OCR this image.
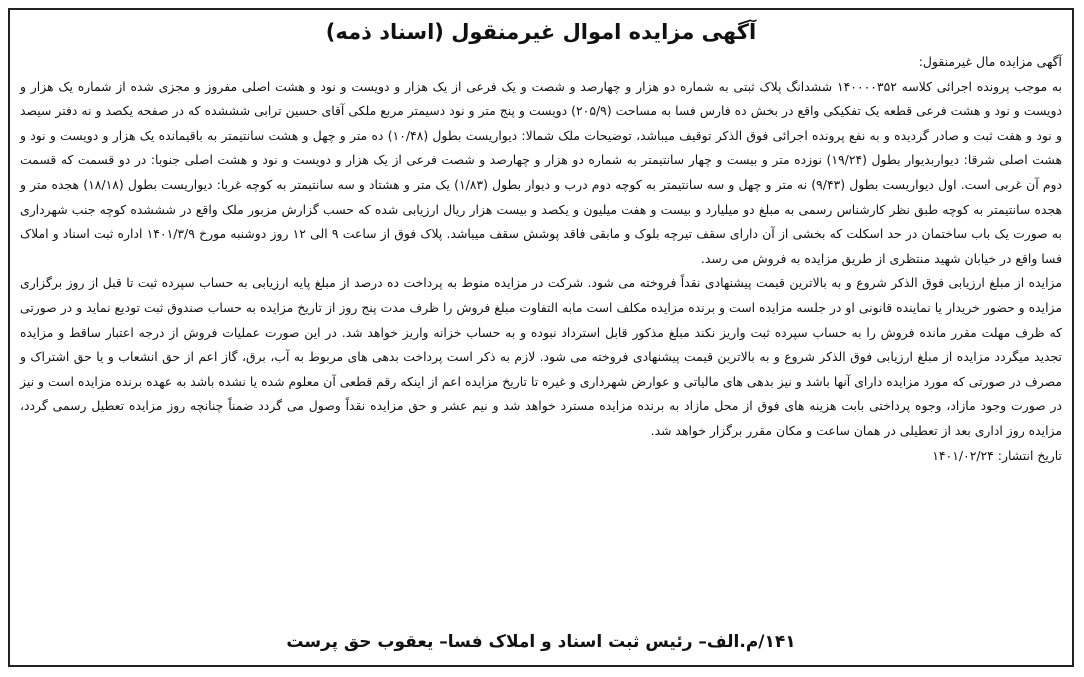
آگهی مزایده اموال غیرمنقول (اسناد ذمه)

آگهی مزایده مال غیرمنقول:

به موجب پرونده اجرائی کلاسه ۱۴۰۰۰۰۳۵۲ ششدانگ پلاک ثبتی به شماره دو هزار و چهارصد و شصت و یک فرعی از یک هزار و دویست و نود و هشت اصلی مفروز و مجزی شده از شماره یک هزار و دویست و نود و هشت فرعی قطعه یک تفکیکی واقع در بخش ده فارس فسا به مساحت (۲۰۵/۹) دویست و پنج متر و نود دسیمتر مربع ملکی آقای حسین ترابی شششده که در صفحه یکصد و نه دفتر سیصد و نود و هفت ثبت و صادر گردیده و به نفع پرونده اجرائی فوق الذکر توقیف میباشد، توضیحات ملک شمالا: دیواریست بطول (۱۰/۴۸) ده متر و چهل و هشت سانتیمتر به باقیمانده یک هزار و دویست و نود و هشت اصلی شرقا: دیواربدیوار بطول (۱۹/۲۴) نوزده متر و بیست و چهار سانتیمتر به شماره دو هزار و چهارصد و شصت فرعی از یک هزار و دویست و نود و هشت اصلی جنوبا: در دو قسمت که قسمت دوم آن غربی است. اول دیواریست بطول (۹/۴۳) نه متر و چهل و سه سانتیمتر به کوچه دوم درب و دیوار بطول (۱/۸۳) یک متر و هشتاد و سه سانتیمتر به کوچه غربا: دیواریست بطول (۱۸/۱۸) هجده متر و هجده سانتیمتر به کوچه طبق نظر کارشناس رسمی به مبلغ دو میلیارد و بیست و هفت میلیون و یکصد و بیست هزار ریال ارزیابی شده که حسب گزارش مزبور ملک واقع در شششده کوچه جنب شهرداری به صورت یک باب ساختمان در حد اسکلت که بخشی از آن دارای سقف تیرچه بلوک و مابقی فاقد پوشش سقف میباشد. پلاک فوق از ساعت ۹ الی ۱۲ روز دوشنبه مورخ ۱۴۰۱/۳/۹ اداره ثبت اسناد و املاک فسا واقع در خیابان شهید منتظری از طریق مزایده به فروش می رسد.

مزایده از مبلغ ارزیابی فوق الذکر شروع و به بالاترین قیمت پیشنهادی نقداً فروخته می شود. شرکت در مزایده منوط به پرداخت ده درصد از مبلغ پایه ارزیابی به حساب سپرده ثبت تا قبل از روز برگزاری مزایده و حضور خریدار یا نماینده قانونی او در جلسه مزایده است و برنده مزایده مکلف است مابه التفاوت مبلغ فروش را ظرف مدت پنج روز از تاریخ مزایده به حساب صندوق ثبت تودیع نماید و در صورتی که ظرف مهلت مقرر مانده فروش را به حساب سپرده ثبت واریز نکند مبلغ مذکور قابل استرداد نبوده و به حساب خزانه واریز خواهد شد. در این صورت عملیات فروش از درجه اعتبار ساقط و مزایده تجدید میگردد مزایده از مبلغ ارزیابی فوق الذکر شروع و به بالاترین قیمت پیشنهادی فروخته می شود. لازم به ذکر است پرداخت بدهی های مربوط به آب، برق، گاز اعم از حق انشعاب و یا حق اشتراک و مصرف در صورتی که مورد مزایده دارای آنها باشد و نیز بدهی های مالیاتی و عوارض شهرداری و غیره تا تاریخ مزایده اعم از اینکه رقم قطعی آن معلوم شده یا نشده باشد به عهده برنده مزایده است و نیز در صورت وجود مازاد، وجوه پرداختی بابت هزینه های فوق از محل مازاد به برنده مزایده مسترد خواهد شد و نیم عشر و حق مزایده نقداً وصول می گردد ضمناً چنانچه روز مزایده تعطیل رسمی گردد، مزایده روز اداری بعد از تعطیلی در همان ساعت و مکان مقرر برگزار خواهد شد.

تاریخ انتشار: ۱۴۰۱/۰۲/۲۴
۱۴۱/م.الف– رئیس ثبت اسناد و املاک فسا– یعقوب حق پرست
